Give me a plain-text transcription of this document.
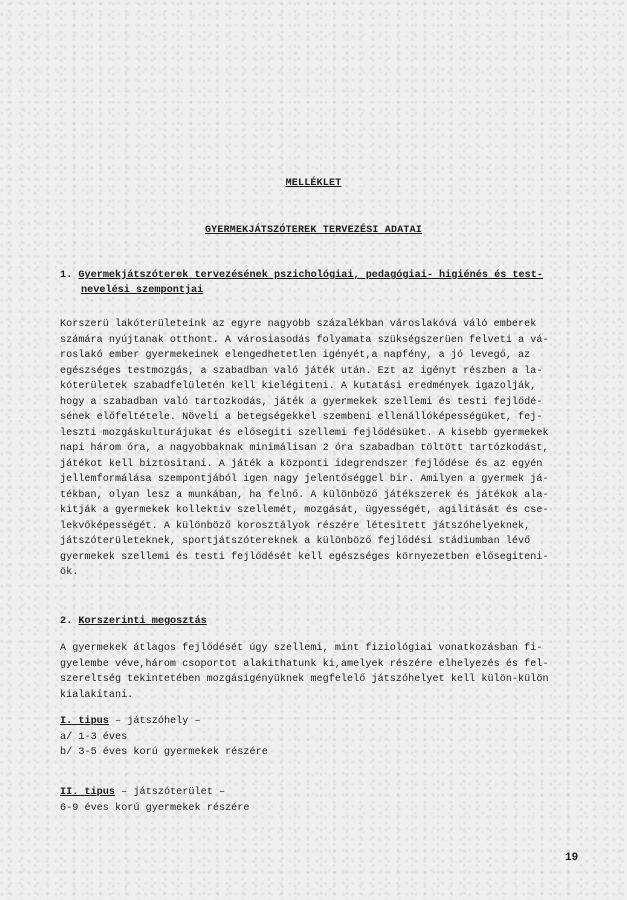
MELLÉKLET
GYERMEKJÁTSZÓTEREK TERVEZÉSI ADATAI
1. Gyermekjátszóterek tervezésének pszichológiai, pedagógiai- higiénés és test-
nevelési szempontjai
Korszerü lakóterületeink az egyre nagyobb százalékban városlakóvá váló emberek
számára nyújtanak otthont. A városiasodás folyamata szükségszerüen felveti a vá-
roslakó ember gyermekeinek elengedhetetlen igényét,a napfény, a jó levegő, az
egészséges testmozgás, a szabadban való játék után. Ezt az igényt részben a la-
kóterületek szabadfelületén kell kielégiteni. A kutatási eredmények igazolják,
hogy a szabadban való tartozkodás, játék a gyermekek szellemi és testi fejlődé-
sének előfeltétele. Növeli a betegségekkel szembeni ellenállóképességüket, fej-
leszti mozgáskulturájukat és elősegiti szellemi fejlődésüket. A kisebb gyermekek
napi három óra, a nagyobbaknak minimálisan 2 óra szabadban töltött tartózkodást,
játékot kell biztositani. A játék a központi idegrendszer fejlődése és az egyén
jellemformálása szempontjából igen nagy jelentőséggel bir. Amilyen a gyermek já-
tékban, olyan lesz a munkában, ha felnő. A különböző játékszerek és játékok ala-
kitják a gyermekek kollektiv szellemét, mozgását, ügyességét, agilitását és cse-
lekvőképességét. A különböző korosztályok részére létesitett játszóhelyeknek,
játszóterületeknek, sportjátszótereknek a különböző fejlődési stádiumban lévő
gyermekek szellemi és testi fejlődését kell egészséges környezetben elősegiteni-
ök.
2. Korszerinti megosztás
A gyermekek átlagos fejlődését úgy szellemi, mint fiziológiai vonatkozásban fi-
gyelembe véve,három csoportot alakithatunk ki,amelyek részére elhelyezés és fel-
szereltség tekintetében mozgásigényüknek megfelelő játszóhelyet kell külön-külön
kialakitani.
I. tipus – játszóhely –
a/ 1-3 éves
b/ 3-5 éves korú gyermekek részére
II. tipus – játszóterület –
6-9 éves korú gyermekek részére
19
